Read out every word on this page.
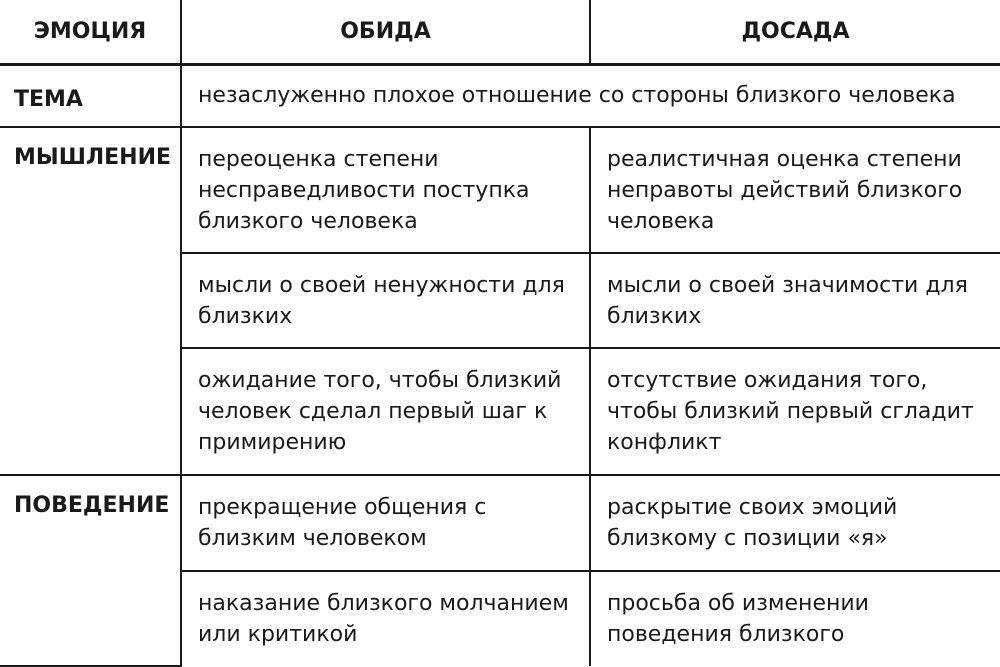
ЭМОЦИЯ	ОБИДА	ДОСАДА
ТЕМА	незаслуженно плохое отношение со стороны близкого человека	
МЫШЛЕНИЕ	переоценка степени несправедливости поступка близкого человека	реалистичная оценка степени неправоты действий близкого человека
	мысли о своей ненужности для близких	мысли о своей значимости для близких
	ожидание того, чтобы близкий человек сделал первый шаг к примирению	отсутствие ожидания того, чтобы близкий первый сгладит конфликт
ПОВЕДЕНИЕ	прекращение общения с близким человеком	раскрытие своих эмоций близкому с позиции «я»
	наказание близкого молчанием или критикой	просьба об изменении поведения близкого
